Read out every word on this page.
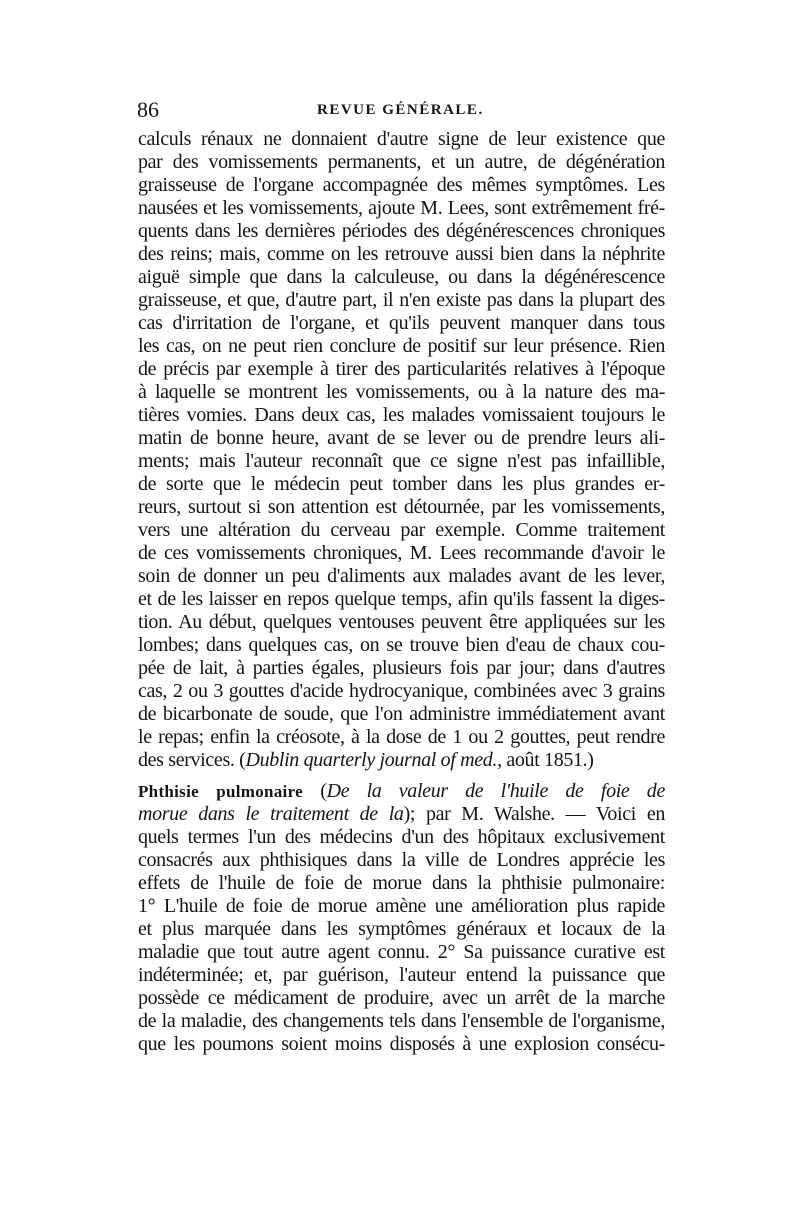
86	REVUE GÉNÉRALE.
calculs rénaux ne donnaient d'autre signe de leur existence que
par des vomissements permanents, et un autre, de dégénération
graisseuse de l'organe accompagnée des mêmes symptômes. Les
nausées et les vomissements, ajoute M. Lees, sont extrêmement fré-
quents dans les dernières périodes des dégénérescences chroniques
des reins; mais, comme on les retrouve aussi bien dans la néphrite
aiguë simple que dans la calculeuse, ou dans la dégénérescence
graisseuse, et que, d'autre part, il n'en existe pas dans la plupart des
cas d'irritation de l'organe, et qu'ils peuvent manquer dans tous
les cas, on ne peut rien conclure de positif sur leur présence. Rien
de précis par exemple à tirer des particularités relatives à l'époque
à laquelle se montrent les vomissements, ou à la nature des ma-
tières vomies. Dans deux cas, les malades vomissaient toujours le
matin de bonne heure, avant de se lever ou de prendre leurs ali-
ments; mais l'auteur reconnaît que ce signe n'est pas infaillible,
de sorte que le médecin peut tomber dans les plus grandes er-
reurs, surtout si son attention est détournée, par les vomissements,
vers une altération du cerveau par exemple. Comme traitement
de ces vomissements chroniques, M. Lees recommande d'avoir le
soin de donner un peu d'aliments aux malades avant de les lever,
et de les laisser en repos quelque temps, afin qu'ils fassent la diges-
tion. Au début, quelques ventouses peuvent être appliquées sur les
lombes; dans quelques cas, on se trouve bien d'eau de chaux cou-
pée de lait, à parties égales, plusieurs fois par jour; dans d'autres
cas, 2 ou 3 gouttes d'acide hydrocyanique, combinées avec 3 grains
de bicarbonate de soude, que l'on administre immédiatement avant
le repas; enfin la créosote, à la dose de 1 ou 2 gouttes, peut rendre
des services. (Dublin quarterly journal of med., août 1851.)
Phthisie pulmonaire (De la valeur de l'huile de foie de
morue dans le traitement de la); par M. Walshe. — Voici en
quels termes l'un des médecins d'un des hôpitaux exclusivement
consacrés aux phthisiques dans la ville de Londres apprécie les
effets de l'huile de foie de morue dans la phthisie pulmonaire:
1° L'huile de foie de morue amène une amélioration plus rapide
et plus marquée dans les symptômes généraux et locaux de la
maladie que tout autre agent connu. 2° Sa puissance curative est
indéterminée; et, par guérison, l'auteur entend la puissance que
possède ce médicament de produire, avec un arrêt de la marche
de la maladie, des changements tels dans l'ensemble de l'organisme,
que les poumons soient moins disposés à une explosion consécu-
